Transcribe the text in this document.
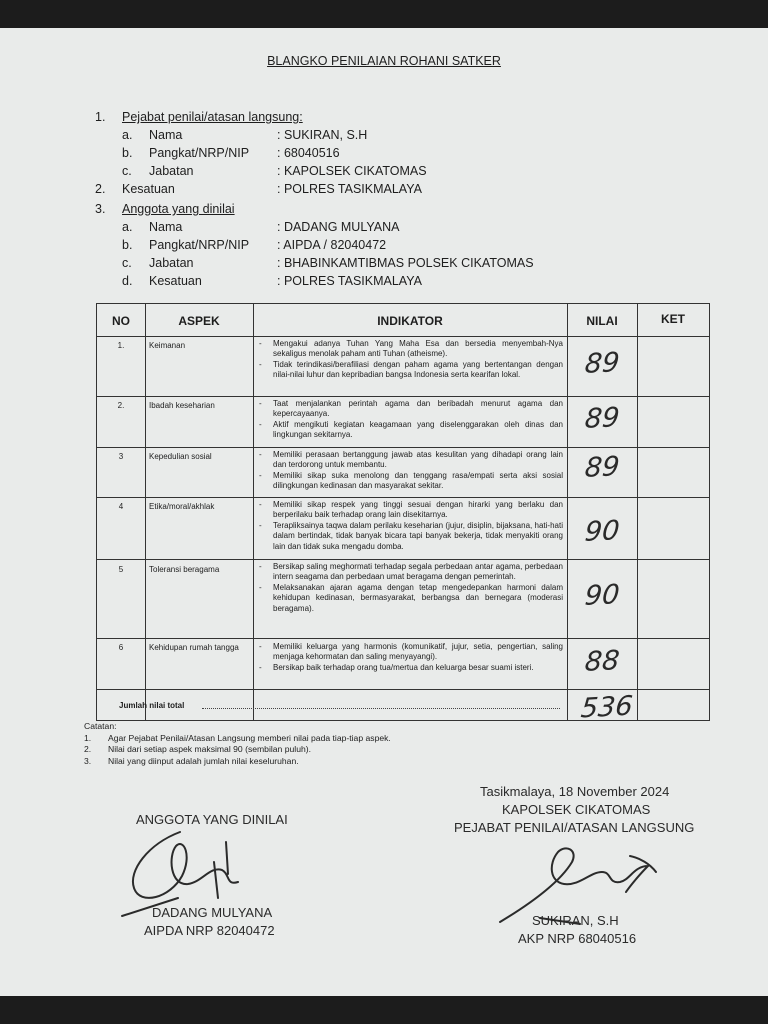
BLANGKO PENILAIAN ROHANI SATKER
1. Pejabat penilai/atasan langsung:
a. Nama	: SUKIRAN, S.H
b. Pangkat/NRP/NIP : 68040516
c. Jabatan	: KAPOLSEK CIKATOMAS
2. Kesatuan	: POLRES TASIKMALAYA
3. Anggota yang dinilai
a. Nama	: DADANG MULYANA
b. Pangkat/NRP/NIP : AIPDA / 82040472
c. Jabatan	: BHABINKAMTIBMAS POLSEK CIKATOMAS
d. Kesatuan	: POLRES TASIKMALAYA
NO	ASPEK	INDIKATOR	NILAI	KET
1.	Keimanan	- Mengakui adanya Tuhan Yang Maha Esa dan bersedia menyembah-Nya sekaligus menolak paham anti Tuhan (atheisme).
- Tidak terindikasi/berafiliasi dengan paham agama yang bertentangan dengan nilai-nilai luhur dan kepribadian bangsa Indonesia serta kearifan lokal.	89
2.	Ibadah keseharian	- Taat menjalankan perintah agama dan beribadah menurut agama dan kepercayaanya.
- Aktif mengikuti kegiatan keagamaan yang diselenggarakan oleh dinas dan lingkungan sekitarnya.	89
3	Kepedulian sosial	- Memiliki perasaan bertanggung jawab atas kesulitan yang dihadapi orang lain dan terdorong untuk membantu.
- Memiliki sikap suka menolong dan tenggang rasa/empati serta aksi sosial dilingkungan kedinasan dan masyarakat sekitar.
89
4	Etika/moral/akhlak	- Memiliki sikap respek yang tinggi sesuai dengan hirarki yang berlaku dan berperilaku baik terhadap orang lain disekitarnya.
- Terapliksainya taqwa dalam perilaku keseharian (jujur, disiplin, bijaksana, hati-hati dalam bertindak, tidak banyak bicara tapi banyak bekerja, tidak menyakiti orang lain dan tidak suka mengadu domba.	90
5	Toleransi beragama	- Bersikap saling meghormati terhadap segala perbedaan antar agama, perbedaan intern seagama dan perbedaan umat beragama dengan pemerintah.
- Melaksanakan ajaran agama dengan tetap mengedepankan harmoni dalam kehidupan kedinasan, bermasyarakat, berbangsa dan bernegara (moderasi beragama).	90
6	Kehidupan rumah tangga	- Memiliki keluarga yang harmonis (komunikatif, jujur, setia, pengertian, saling menjaga kehormatan dan saling menyayangi).
- Bersikap baik terhadap orang tua/mertua dan keluarga besar suami isteri.	88
Jumlah nilai total	536
Catatan:
1. Agar Pejabat Penilai/Atasan Langsung memberi nilai pada tiap-tiap aspek.
2. Nilai dari setiap aspek maksimal 90 (sembilan puluh).
3. Nilai yang diinput adalah jumlah nilai keseluruhan.
ANGGOTA YANG DINILAI
DADANG MULYANA
AIPDA NRP 82040472
Tasikmalaya, 18 November 2024
KAPOLSEK CIKATOMAS
PEJABAT PENILAI/ATASAN LANGSUNG
SUKIRAN, S.H
AKP NRP 68040516
